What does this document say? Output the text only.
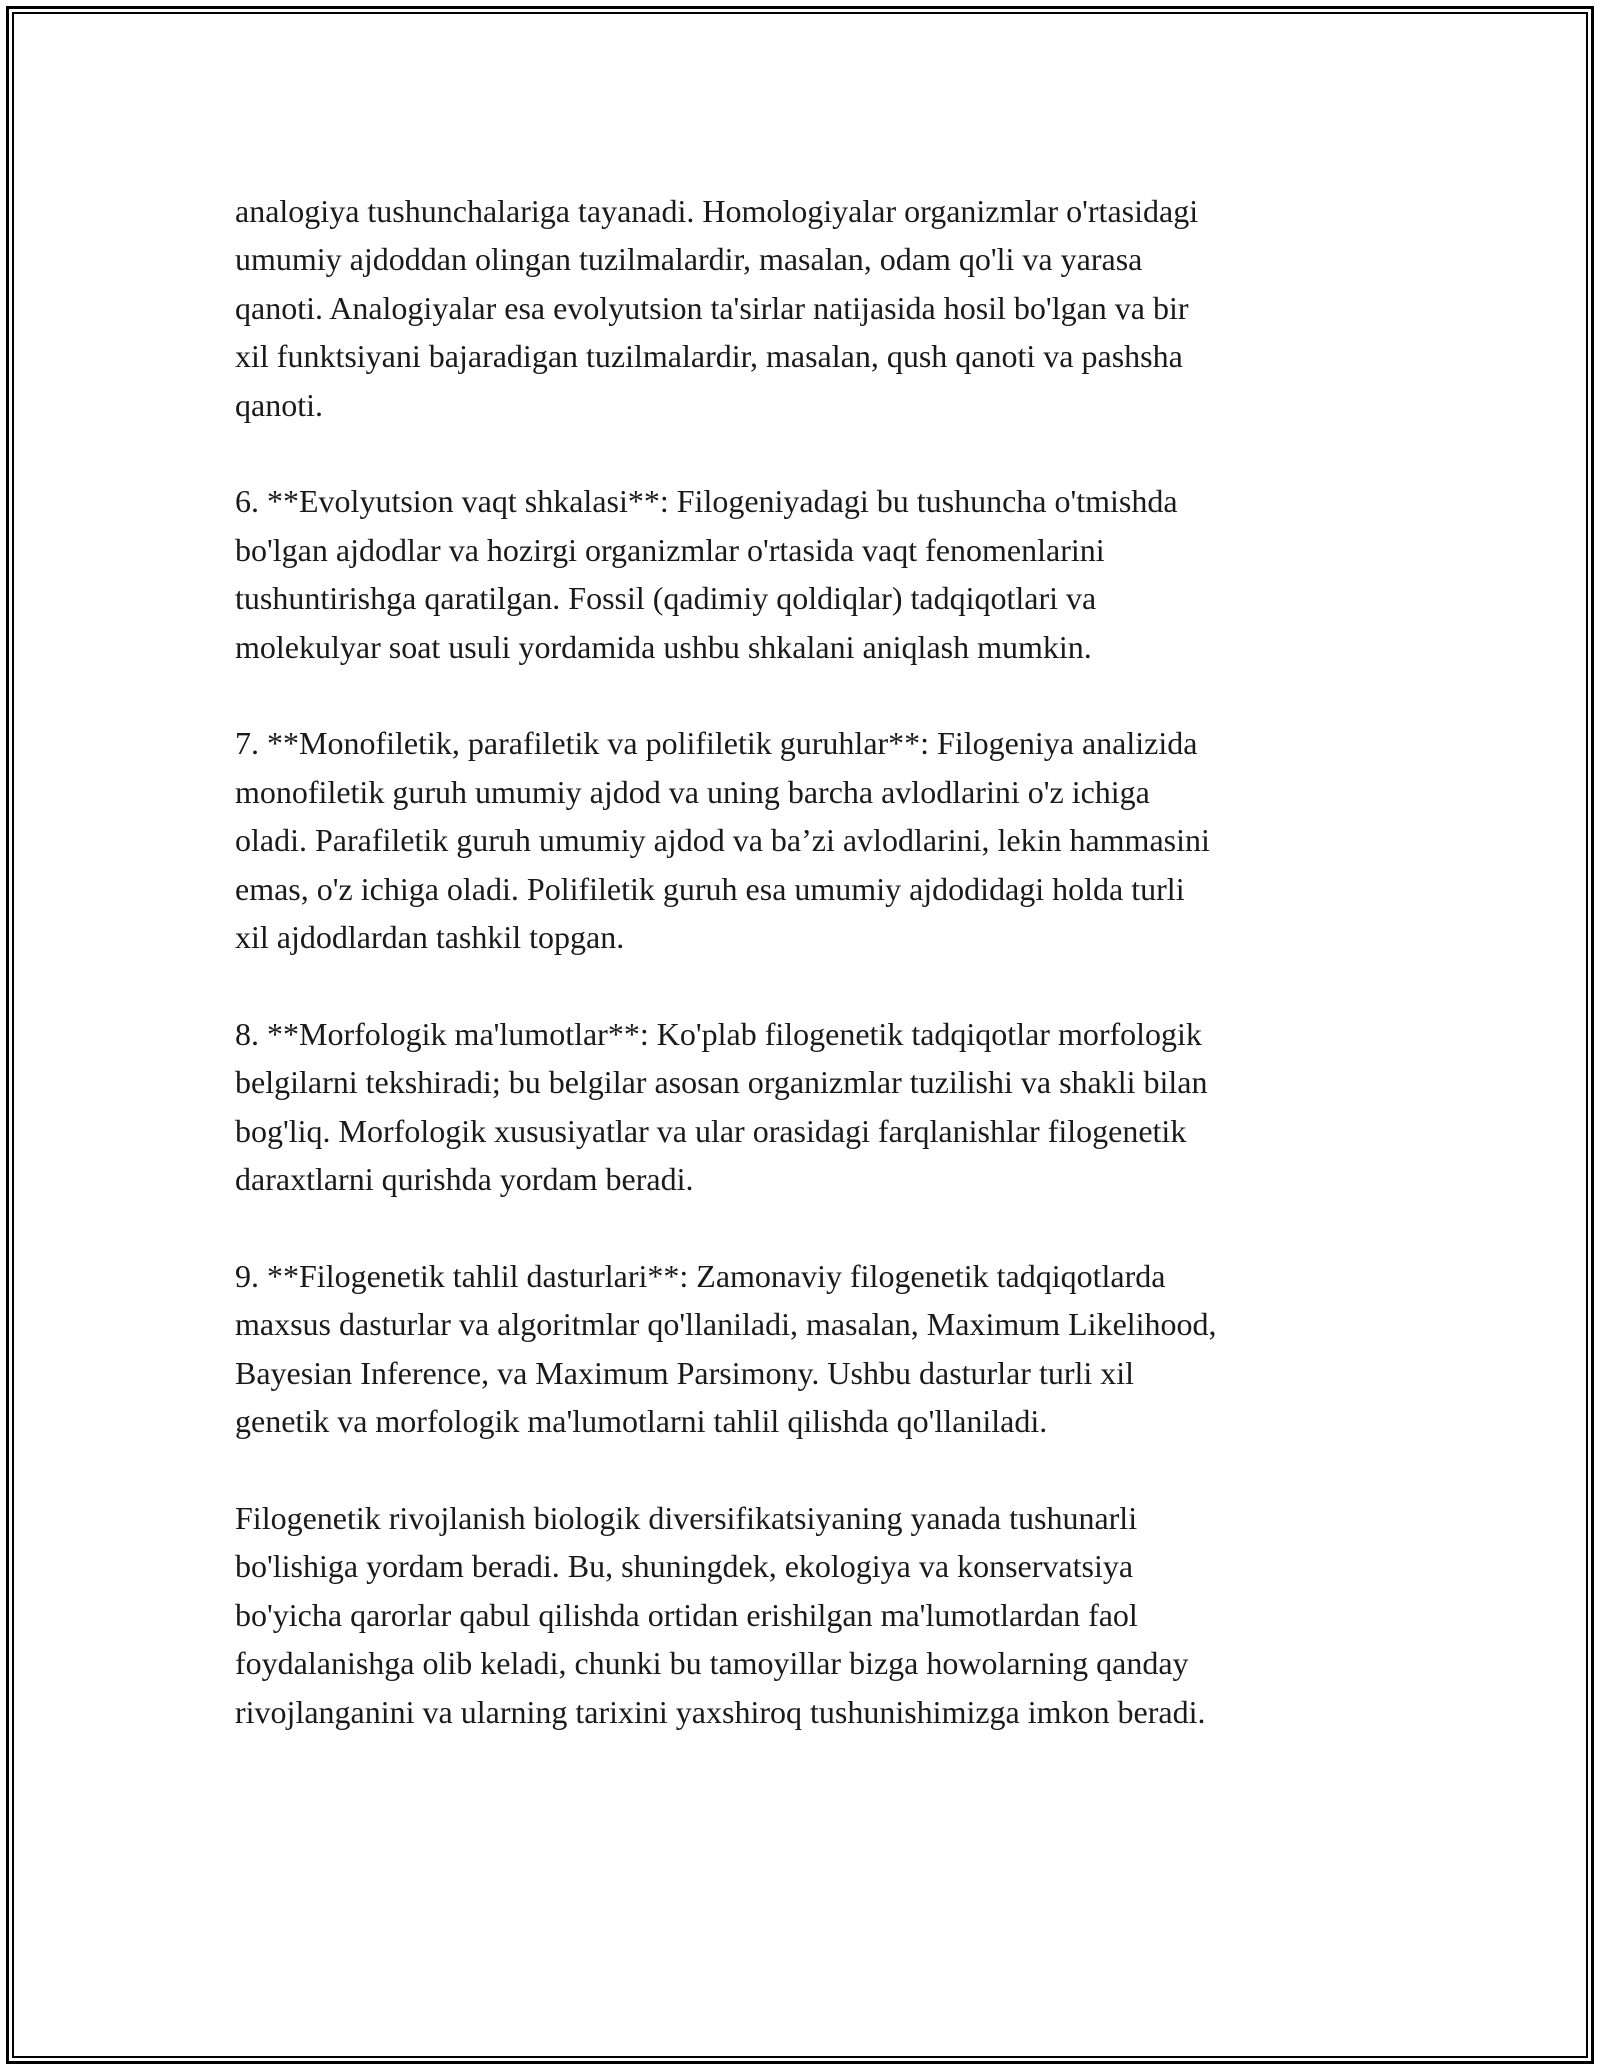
analogiya tushunchalariga tayanadi. Homologiyalar organizmlar o'rtasidagi
umumiy ajdoddan olingan tuzilmalardir, masalan, odam qo'li va yarasa
qanoti. Analogiyalar esa evolyutsion ta'sirlar natijasida hosil bo'lgan va bir
xil funktsiyani bajaradigan tuzilmalardir, masalan, qush qanoti va pashsha
qanoti.

6. **Evolyutsion vaqt shkalasi**: Filogeniyadagi bu tushuncha o'tmishda
bo'lgan ajdodlar va hozirgi organizmlar o'rtasida vaqt fenomenlarini
tushuntirishga qaratilgan. Fossil (qadimiy qoldiqlar) tadqiqotlari va
molekulyar soat usuli yordamida ushbu shkalani aniqlash mumkin.

7. **Monofiletik, parafiletik va polifiletik guruhlar**: Filogeniya analizida
monofiletik guruh umumiy ajdod va uning barcha avlodlarini o'z ichiga
oladi. Parafiletik guruh umumiy ajdod va ba’zi avlodlarini, lekin hammasini
emas, o'z ichiga oladi. Polifiletik guruh esa umumiy ajdodidagi holda turli
xil ajdodlardan tashkil topgan.

8. **Morfologik ma'lumotlar**: Ko'plab filogenetik tadqiqotlar morfologik
belgilarni tekshiradi; bu belgilar asosan organizmlar tuzilishi va shakli bilan
bog'liq. Morfologik xususiyatlar va ular orasidagi farqlanishlar filogenetik
daraxtlarni qurishda yordam beradi.

9. **Filogenetik tahlil dasturlari**: Zamonaviy filogenetik tadqiqotlarda
maxsus dasturlar va algoritmlar qo'llaniladi, masalan, Maximum Likelihood,
Bayesian Inference, va Maximum Parsimony. Ushbu dasturlar turli xil
genetik va morfologik ma'lumotlarni tahlil qilishda qo'llaniladi.

Filogenetik rivojlanish biologik diversifikatsiyaning yanada tushunarli
bo'lishiga yordam beradi. Bu, shuningdek, ekologiya va konservatsiya
bo'yicha qarorlar qabul qilishda ortidan erishilgan ma'lumotlardan faol
foydalanishga olib keladi, chunki bu tamoyillar bizga howolarning qanday
rivojlanganini va ularning tarixini yaxshiroq tushunishimizga imkon beradi.
